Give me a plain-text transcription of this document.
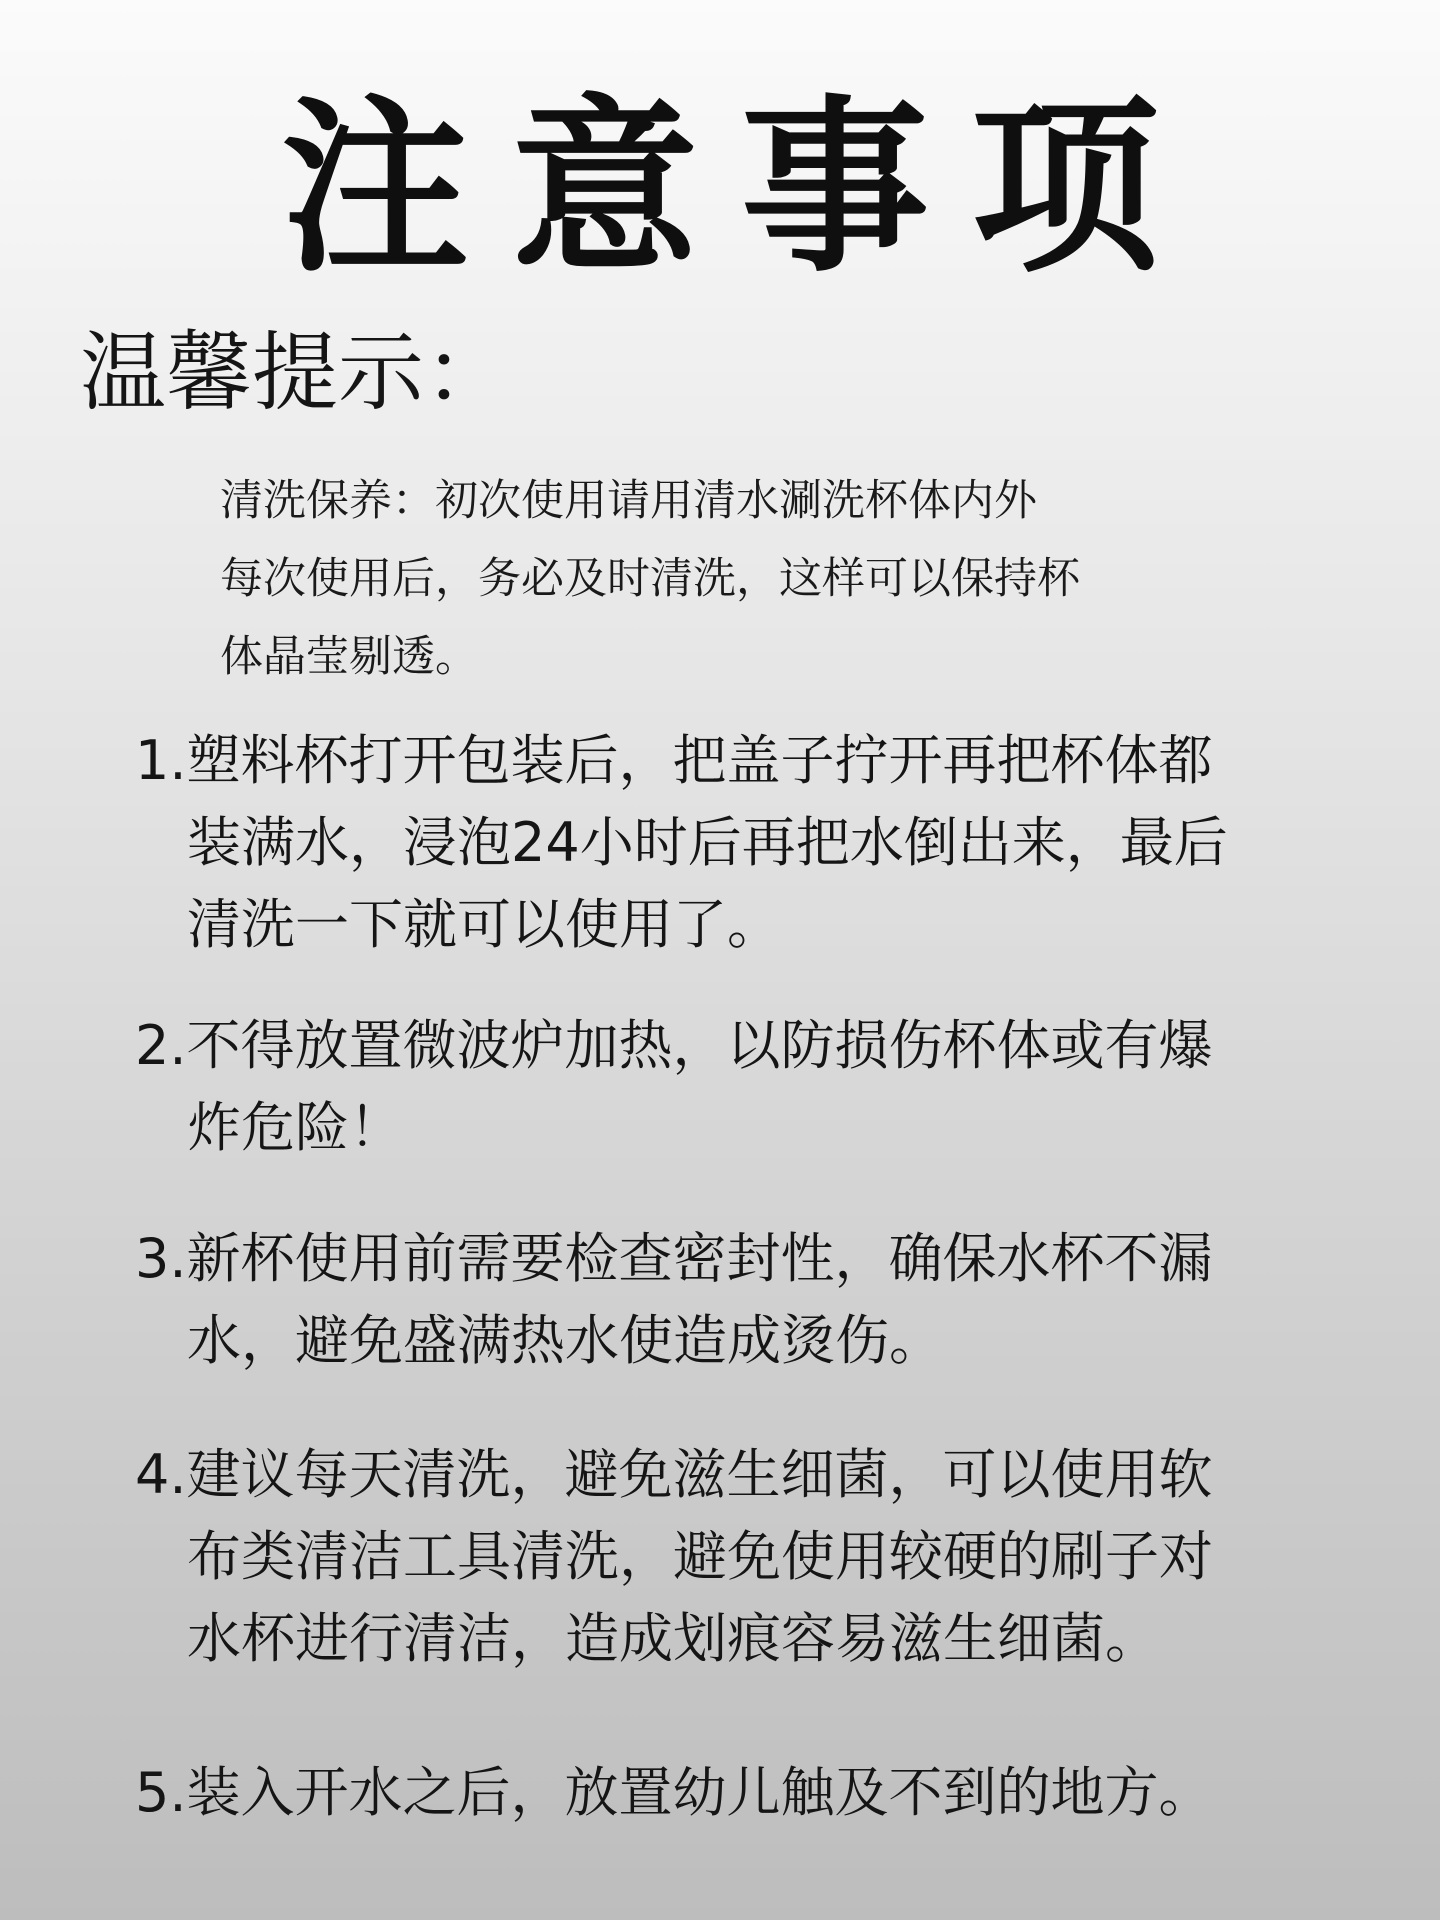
注意事项
温馨提示：
清洗保养：初次使用请用清水涮洗杯体内外
每次使用后，务必及时清洗，这样可以保持杯
体晶莹剔透。
1.塑料杯打开包装后，把盖子拧开再把杯体都
装满水，浸泡24小时后再把水倒出来，最后
清洗一下就可以使用了。
2.不得放置微波炉加热，以防损伤杯体或有爆
炸危险！
3.新杯使用前需要检查密封性，确保水杯不漏
水，避免盛满热水使造成烫伤。
4.建议每天清洗，避免滋生细菌，可以使用软
布类清洁工具清洗，避免使用较硬的刷子对
水杯进行清洁，造成划痕容易滋生细菌。
5.装入开水之后，放置幼儿触及不到的地方。
